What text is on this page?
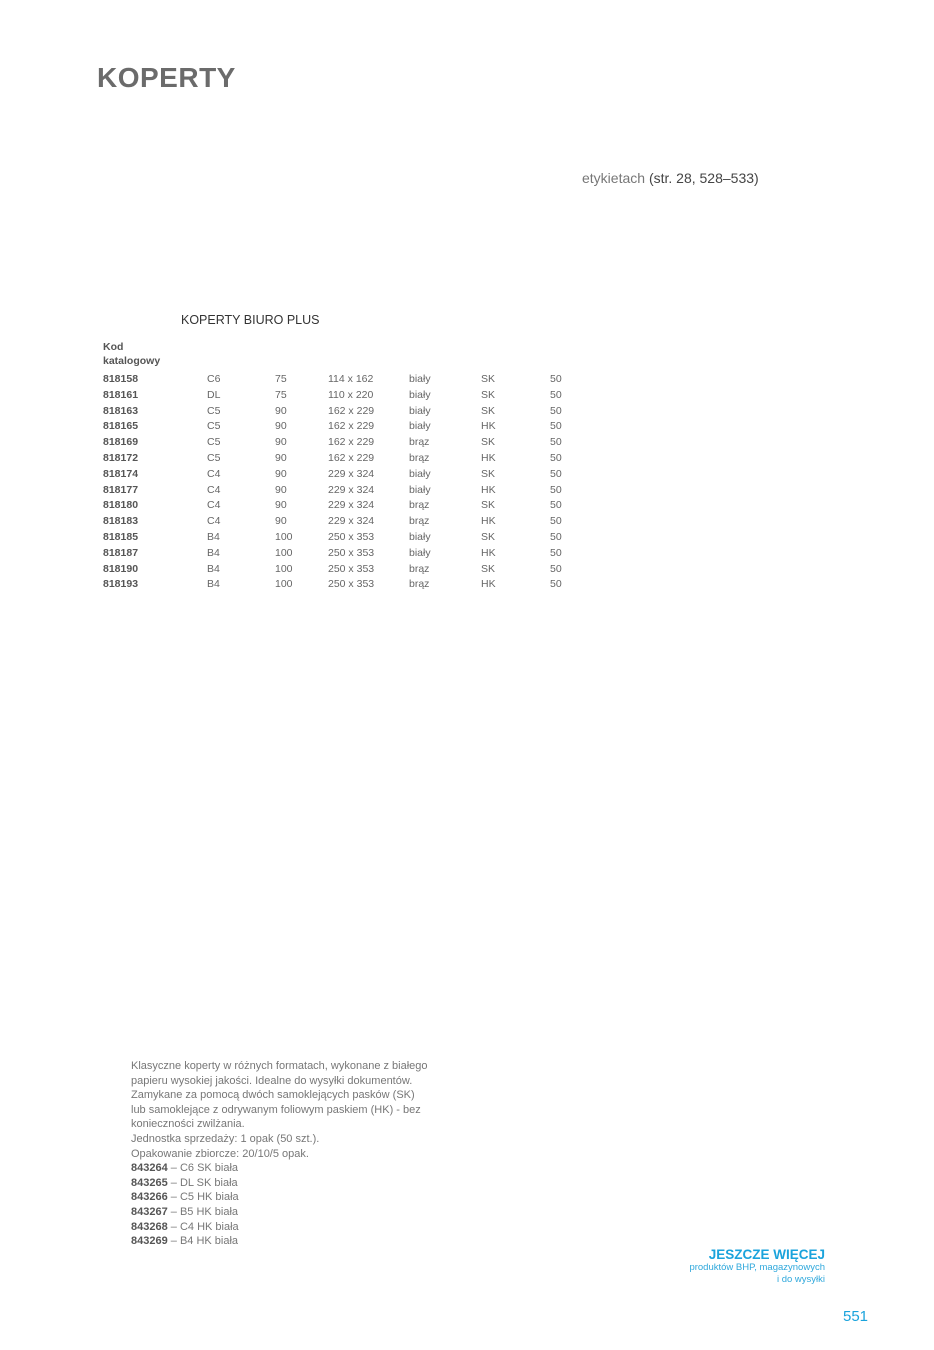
KOPERTY
etykietach (str. 28, 528–533)
KOPERTY BIURO PLUS
Kod
katalogowy
818158	C6	75	114 x 162	biały	SK	50
818161	DL	75	110 x 220	biały	SK	50
818163	C5	90	162 x 229	biały	SK	50
818165	C5	90	162 x 229	biały	HK	50
818169	C5	90	162 x 229	brąz	SK	50
818172	C5	90	162 x 229	brąz	HK	50
818174	C4	90	229 x 324	biały	SK	50
818177	C4	90	229 x 324	biały	HK	50
818180	C4	90	229 x 324	brąz	SK	50
818183	C4	90	229 x 324	brąz	HK	50
818185	B4	100	250 x 353	biały	SK	50
818187	B4	100	250 x 353	biały	HK	50
818190	B4	100	250 x 353	brąz	SK	50
818193	B4	100	250 x 353	brąz	HK	50
Klasyczne koperty w różnych formatach, wykonane z białego
papieru wysokiej jakości. Idealne do wysyłki dokumentów.
Zamykane za pomocą dwóch samoklejących pasków (SK)
lub samoklejące z odrywanym foliowym paskiem (HK) - bez
konieczności zwilżania.
Jednostka sprzedaży: 1 opak (50 szt.).
Opakowanie zbiorcze: 20/10/5 opak.
843264 – C6 SK biała
843265 – DL SK biała
843266 – C5 HK biała
843267 – B5 HK biała
843268 – C4 HK biała
843269 – B4 HK biała
JESZCZE WIĘCEJ
produktów BHP, magazynowych
i do wysyłki
551
